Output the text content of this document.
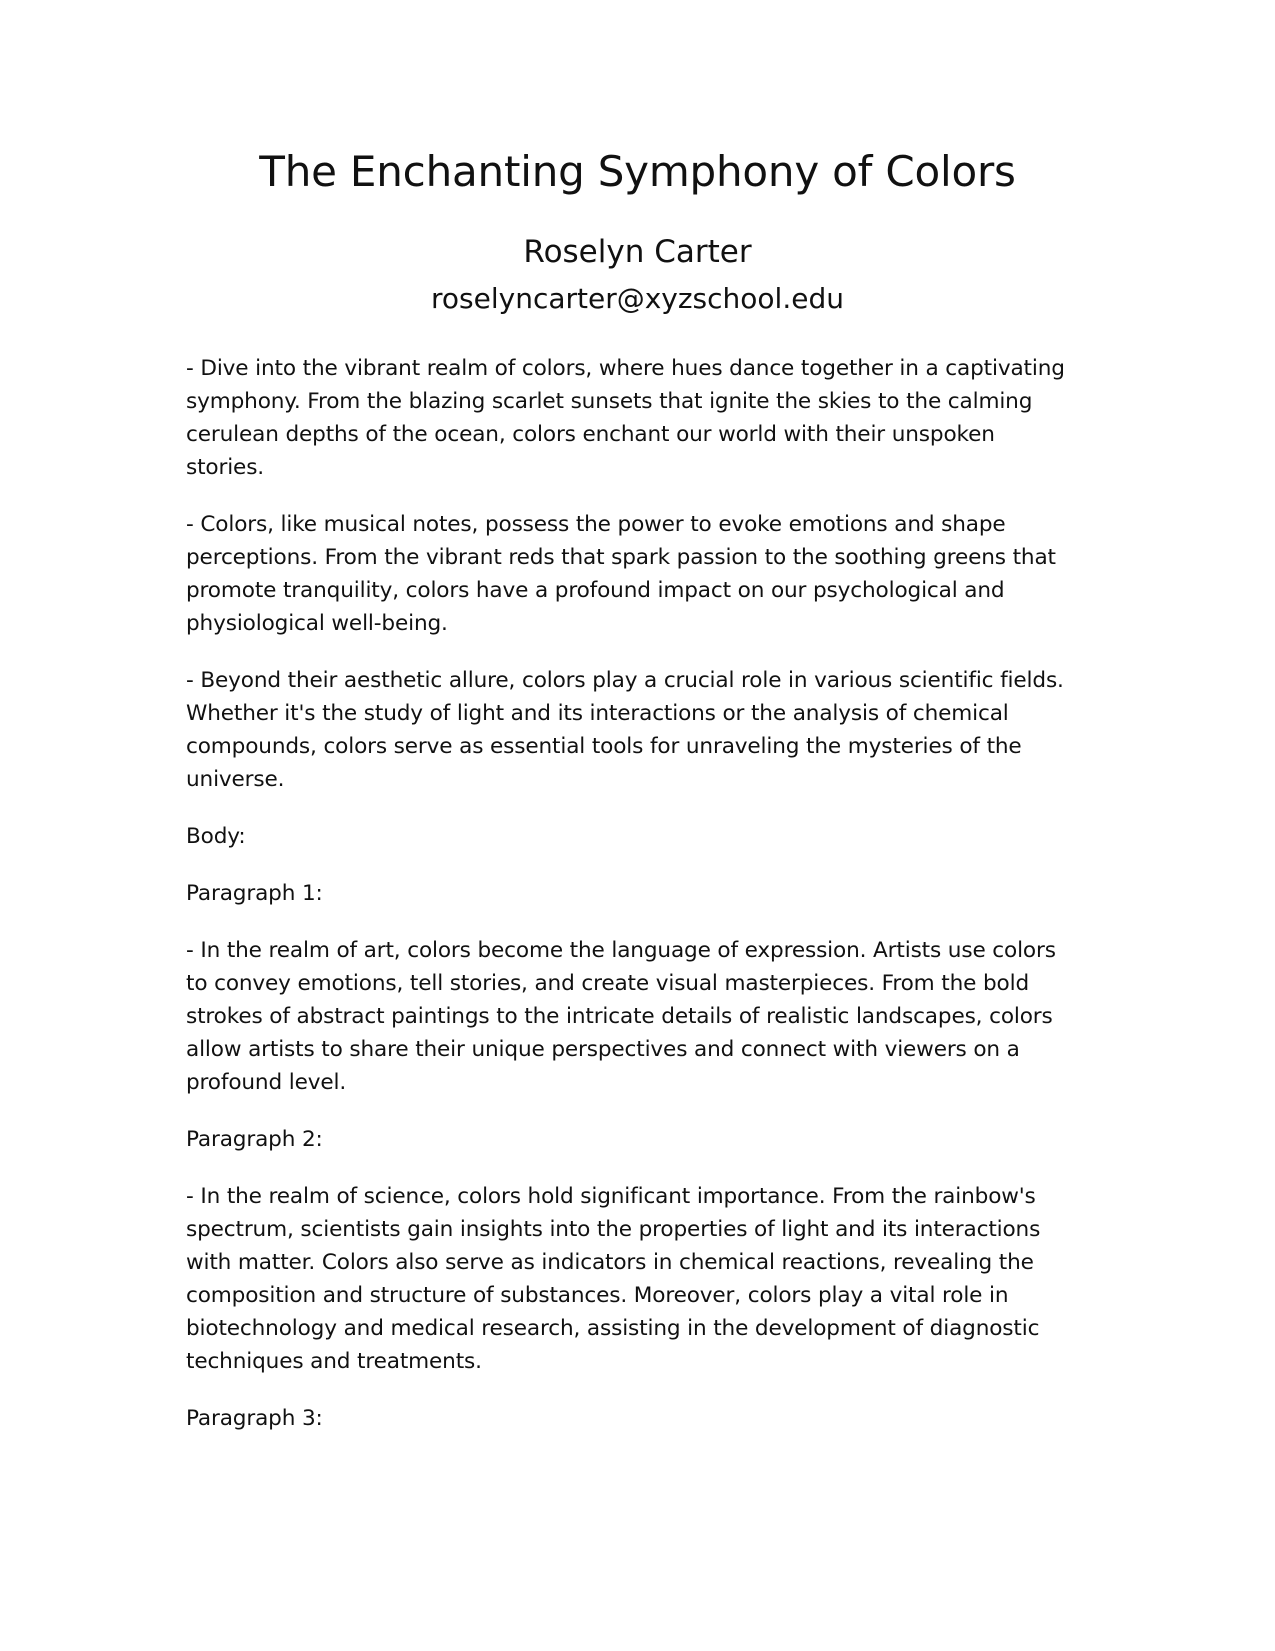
The Enchanting Symphony of Colors
Roselyn Carter
roselyncarter@xyzschool.edu

- Dive into the vibrant realm of colors, where hues dance together in a captivating symphony. From the blazing scarlet sunsets that ignite the skies to the calming cerulean depths of the ocean, colors enchant our world with their unspoken stories.

- Colors, like musical notes, possess the power to evoke emotions and shape perceptions. From the vibrant reds that spark passion to the soothing greens that promote tranquility, colors have a profound impact on our psychological and physiological well-being.

- Beyond their aesthetic allure, colors play a crucial role in various scientific fields. Whether it's the study of light and its interactions or the analysis of chemical compounds, colors serve as essential tools for unraveling the mysteries of the universe.

Body:

Paragraph 1:

- In the realm of art, colors become the language of expression. Artists use colors to convey emotions, tell stories, and create visual masterpieces. From the bold strokes of abstract paintings to the intricate details of realistic landscapes, colors allow artists to share their unique perspectives and connect with viewers on a profound level.

Paragraph 2:

- In the realm of science, colors hold significant importance. From the rainbow's spectrum, scientists gain insights into the properties of light and its interactions with matter. Colors also serve as indicators in chemical reactions, revealing the composition and structure of substances. Moreover, colors play a vital role in biotechnology and medical research, assisting in the development of diagnostic techniques and treatments.

Paragraph 3:
